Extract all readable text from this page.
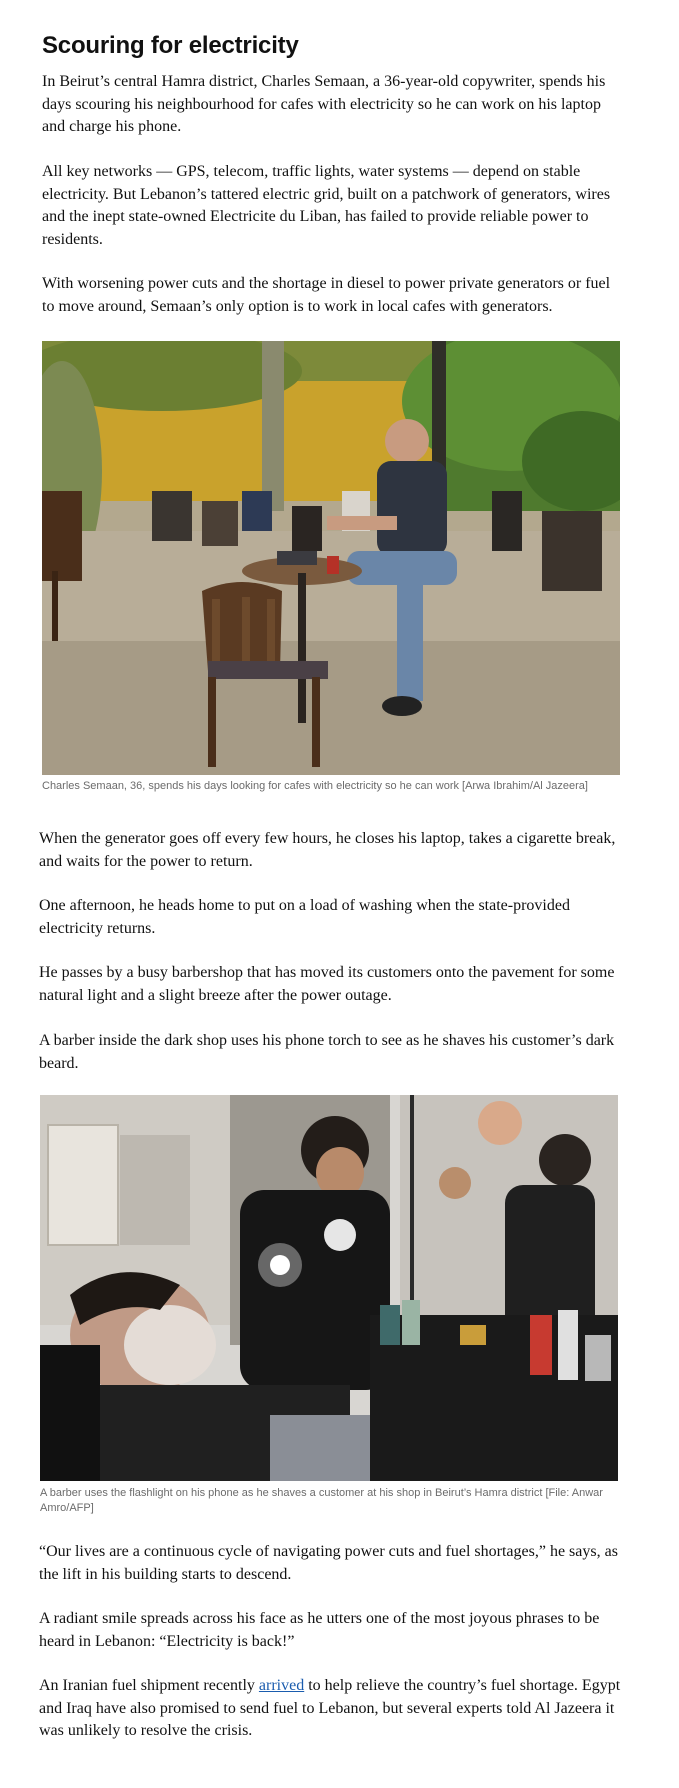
Scouring for electricity

In Beirut’s central Hamra district, Charles Semaan, a 36-year-old copywriter, spends his days scouring his neighbourhood for cafes with electricity so he can work on his laptop and charge his phone.

All key networks — GPS, telecom, traffic lights, water systems — depend on stable electricity. But Lebanon’s tattered electric grid, built on a patchwork of generators, wires and the inept state-owned Electricite du Liban, has failed to provide reliable power to residents.

With worsening power cuts and the shortage in diesel to power private generators or fuel to move around, Semaan’s only option is to work in local cafes with generators.

Charles Semaan, 36, spends his days looking for cafes with electricity so he can work [Arwa Ibrahim/Al Jazeera]

When the generator goes off every few hours, he closes his laptop, takes a cigarette break, and waits for the power to return.

One afternoon, he heads home to put on a load of washing when the state-provided electricity returns.

He passes by a busy barbershop that has moved its customers onto the pavement for some natural light and a slight breeze after the power outage.

A barber inside the dark shop uses his phone torch to see as he shaves his customer’s dark beard.

A barber uses the flashlight on his phone as he shaves a customer at his shop in Beirut’s Hamra district [File: Anwar Amro/AFP]

“Our lives are a continuous cycle of navigating power cuts and fuel shortages,” he says, as the lift in his building starts to descend.

A radiant smile spreads across his face as he utters one of the most joyous phrases to be heard in Lebanon: “Electricity is back!”

An Iranian fuel shipment recently arrived to help relieve the country’s fuel shortage. Egypt and Iraq have also promised to send fuel to Lebanon, but several experts told Al Jazeera it was unlikely to resolve the crisis.
